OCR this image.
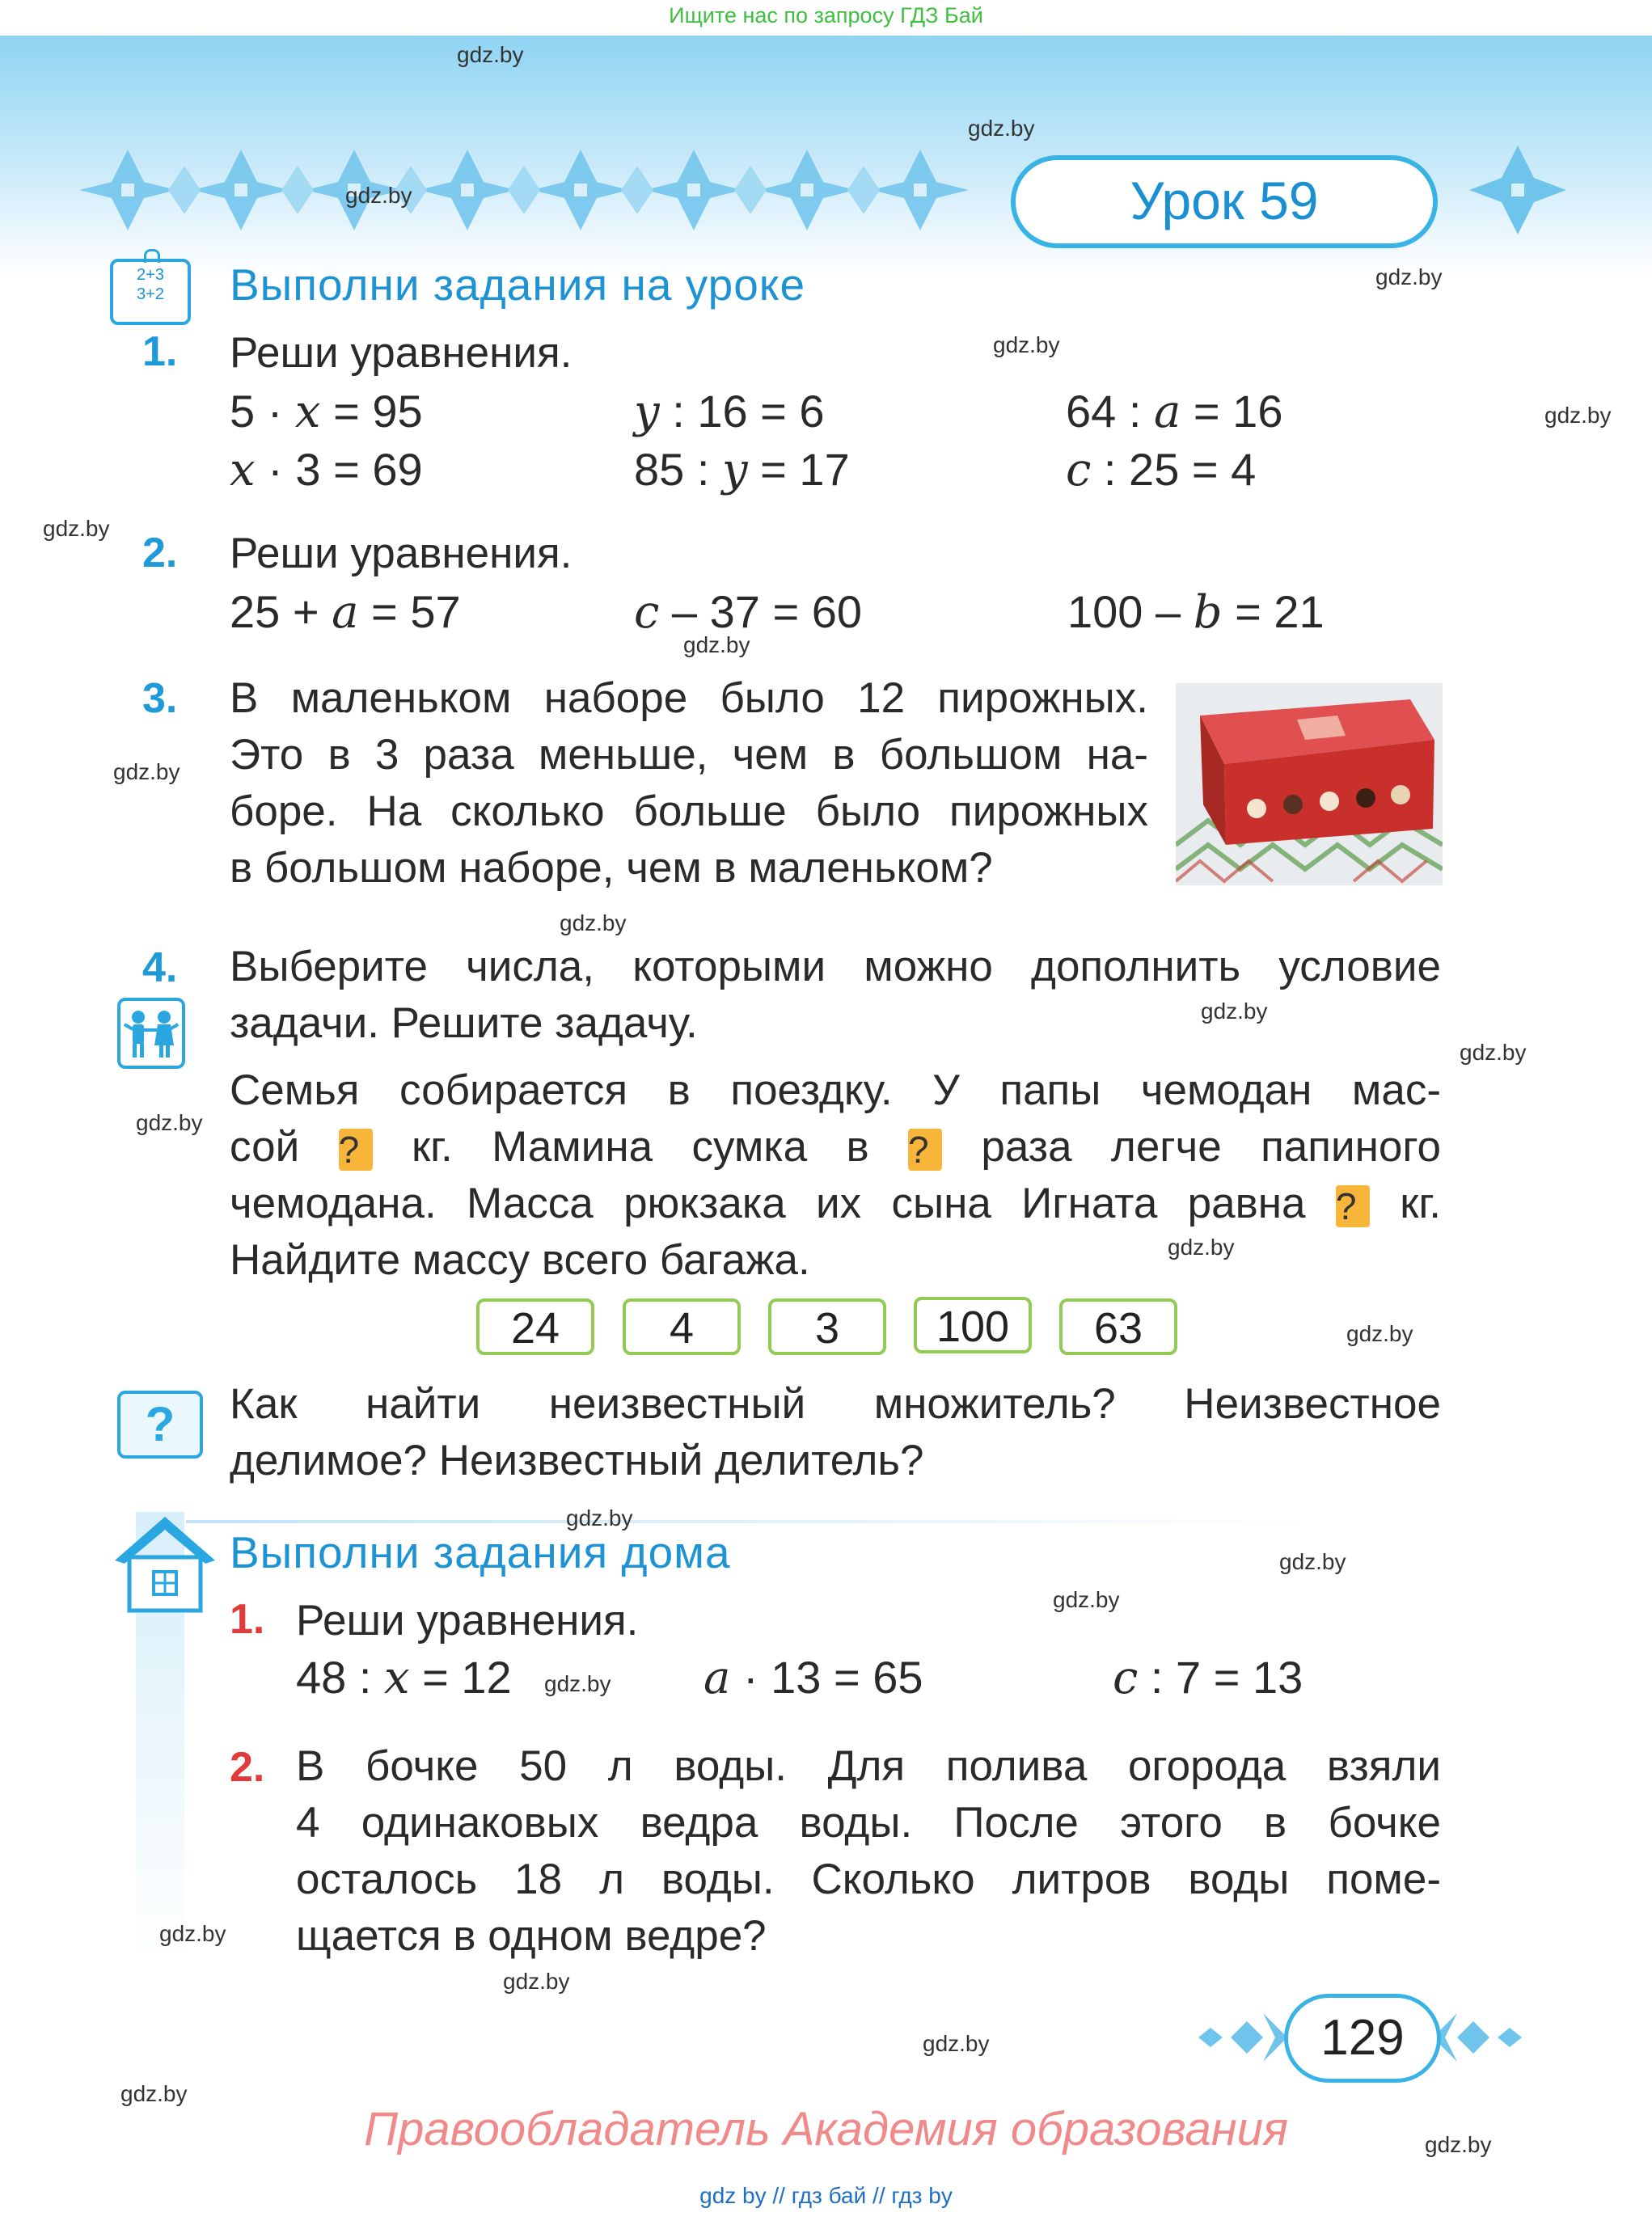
Ищите нас по запросу ГДЗ Бай
Урок 59
2+3
3+2	Выполни задания на уроке
1. Реши уравнения.
5 · x = 95	y : 16 = 6	64 : a = 16
x · 3 = 69	85 : y = 17	c : 25 = 4
2. Реши уравнения.
25 + a = 57	c – 37 = 60	100 – b = 21
3. В маленьком наборе было 12 пирожных.
Это в 3 раза меньше, чем в большом на-
боре. На сколько больше было пирожных
в большом наборе, чем в маленьком?
4. Выберите числа, которыми можно дополнить условие
задачи. Решите задачу.
Семья собирается в поездку. У папы чемодан мас-
сой ? кг. Мамина сумка в ? раза легче папиного
чемодана. Масса рюкзака их сына Игната равна ? кг.
Найдите массу всего багажа.
24	4	3	100	63
?	Как найти неизвестный множитель? Неизвестное
делимое? Неизвестный делитель?
Выполни задания дома
1. Реши уравнения.
48 : x = 12	a · 13 = 65	c : 7 = 13
2. В бочке 50 л воды. Для полива огорода взяли
4 одинаковых ведра воды. После этого в бочке
осталось 18 л воды. Сколько литров воды поме-
щается в одном ведре?
129
Правообладатель Академия образования
gdz by // гдз бай // гдз by
gdz.by
gdz.by
gdz.by
gdz.by
gdz.by
gdz.by
gdz.by
gdz.by
gdz.by
gdz.by
gdz.by
gdz.by
gdz.by
gdz.by
gdz.by
gdz.by
gdz.by
gdz.by
gdz.by
gdz.by
gdz.by
gdz.by
gdz.by
gdz.by
